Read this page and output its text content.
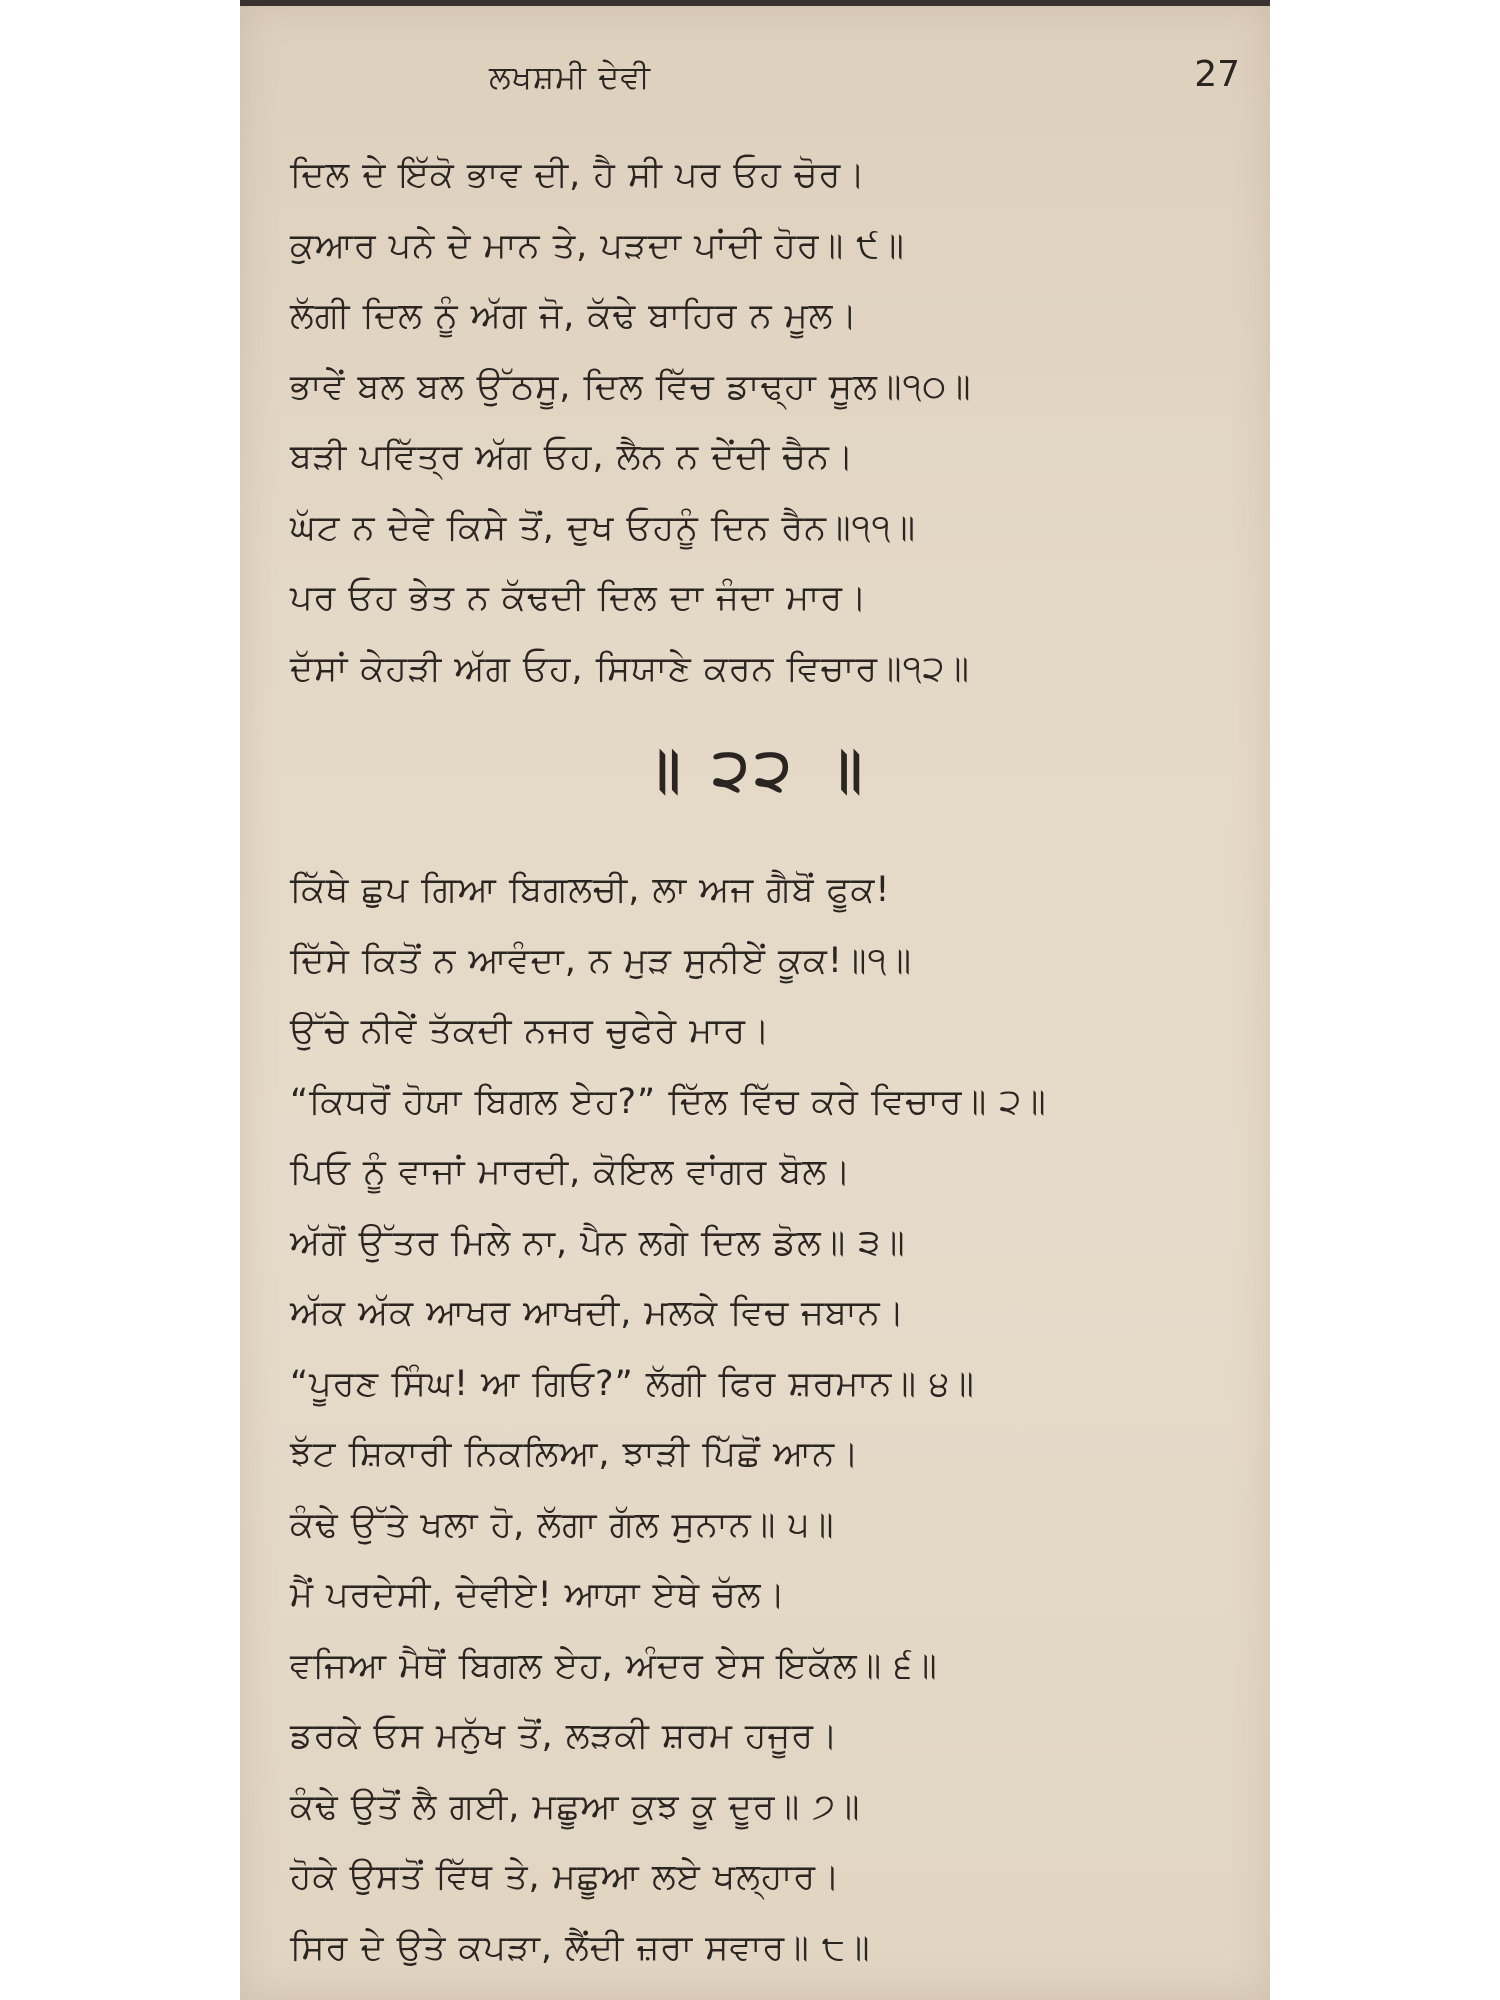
ਲਖਸ਼ਮੀ ਦੇਵੀ	27
ਦਿਲ ਦੇ ਇੱਕੋ ਭਾਵ ਦੀ, ਹੈ ਸੀ ਪਰ ਓਹ ਚੋਰ।
ਕੁਆਰ ਪਨੇ ਦੇ ਮਾਨ ਤੇ, ਪੜਦਾ ਪਾਂਦੀ ਹੋਰ॥ ੯॥
ਲੱਗੀ ਦਿਲ ਨੂੰ ਅੱਗ ਜੋ, ਕੱਢੇ ਬਾਹਿਰ ਨ ਮੂਲ।
ਭਾਵੇਂ ਬਲ ਬਲ ਉੱਠਸੂ, ਦਿਲ ਵਿੱਚ ਡਾਢ੍ਹਾ ਸੂਲ॥੧੦॥
ਬੜੀ ਪਵਿੱਤ੍ਰ ਅੱਗ ਓਹ, ਲੈਨ ਨ ਦੇਂਦੀ ਚੈਨ।
ਘੱਟ ਨ ਦੇਵੇ ਕਿਸੇ ਤੋਂ, ਦੁਖ ਓਹਨੂੰ ਦਿਨ ਰੈਨ॥੧੧॥
ਪਰ ਓਹ ਭੇਤ ਨ ਕੱਢਦੀ ਦਿਲ ਦਾ ਜੰਦਾ ਮਾਰ।
ਦੱਸਾਂ ਕੇਹੜੀ ਅੱਗ ਓਹ, ਸਿਯਾਣੇ ਕਰਨ ਵਿਚਾਰ॥੧੨॥
॥ ੨੨ ॥
ਕਿੱਥੇ ਛੁਪ ਗਿਆ ਬਿਗਲਚੀ, ਲਾ ਅਜ ਗੈਬੋਂ ਫੂਕ!
ਦਿੱਸੇ ਕਿਤੋਂ ਨ ਆਵੰਦਾ, ਨ ਮੁੜ ਸੁਨੀਏਂ ਕੂਕ!॥੧॥
ਉੱਚੇ ਨੀਵੇਂ ਤੱਕਦੀ ਨਜਰ ਚੁਫੇਰੇ ਮਾਰ।
“ਕਿਧਰੋਂ ਹੋਯਾ ਬਿਗਲ ਏਹ?” ਦਿੱਲ ਵਿੱਚ ਕਰੇ ਵਿਚਾਰ॥ ੨॥
ਪਿਓ ਨੂੰ ਵਾਜਾਂ ਮਾਰਦੀ, ਕੋਇਲ ਵਾਂਗਰ ਬੋਲ।
ਅੱਗੋਂ ਉੱਤਰ ਮਿਲੇ ਨਾ, ਪੈਨ ਲਗੇ ਦਿਲ ਡੋਲ॥ ੩॥
ਅੱਕ ਅੱਕ ਆਖਰ ਆਖਦੀ, ਮਲਕੇ ਵਿਚ ਜਬਾਨ।
“ਪੂਰਣ ਸਿੰਘ! ਆ ਗਿਓ?” ਲੱਗੀ ਫਿਰ ਸ਼ਰਮਾਨ॥ ੪॥
ਝੱਟ ਸ਼ਿਕਾਰੀ ਨਿਕਲਿਆ, ਝਾੜੀ ਪਿੱਛੋਂ ਆਨ।
ਕੰਢੇ ਉੱਤੇ ਖਲਾ ਹੋ, ਲੱਗਾ ਗੱਲ ਸੁਨਾਨ॥ ੫॥
ਮੈਂ ਪਰਦੇਸੀ, ਦੇਵੀਏ! ਆਯਾ ਏਥੇ ਚੱਲ।
ਵਜਿਆ ਮੈਥੋਂ ਬਿਗਲ ਏਹ, ਅੰਦਰ ਏਸ ਇਕੱਲ॥ ੬॥
ਡਰਕੇ ਓਸ ਮਨੁੱਖ ਤੋਂ, ਲੜਕੀ ਸ਼ਰਮ ਹਜੂਰ।
ਕੰਢੇ ਉਤੋਂ ਲੈ ਗਈ, ਮਛੂਆ ਕੁਝ ਕੂ ਦੂਰ॥ ੭॥
ਹੋਕੇ ਉਸਤੋਂ ਵਿੱਥ ਤੇ, ਮਛੂਆ ਲਏ ਖਲ੍ਹਾਰ।
ਸਿਰ ਦੇ ਉਤੇ ਕਪੜਾ, ਲੈਂਦੀ ਜ਼ਰਾ ਸਵਾਰ॥ ੮॥
